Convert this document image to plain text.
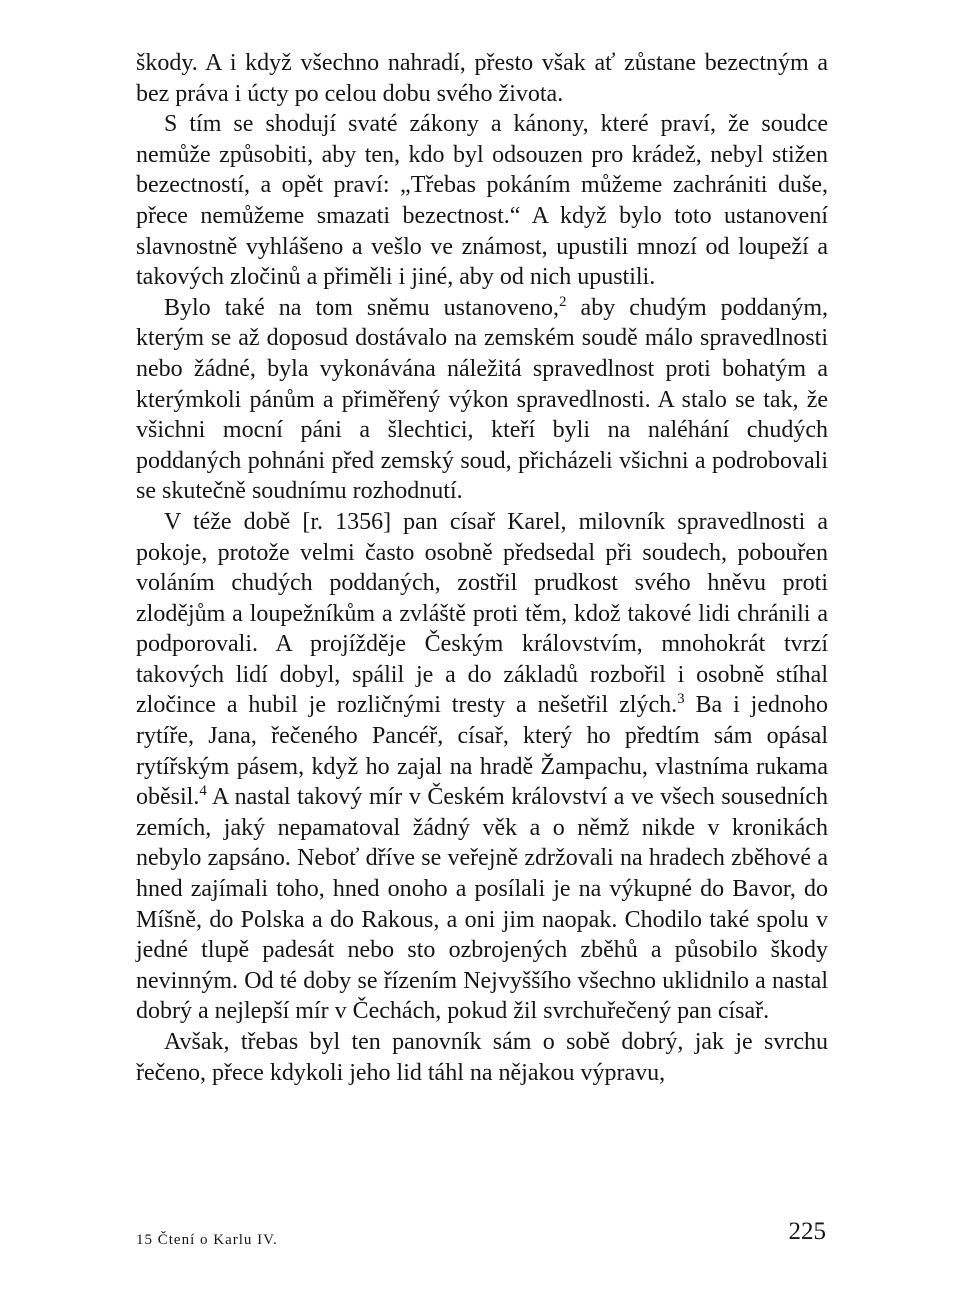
škody. A i když všechno nahradí, přesto však ať zůstane bezectným a bez práva i úcty po celou dobu svého života.

S tím se shodují svaté zákony a kánony, které praví, že soudce nemůže způsobiti, aby ten, kdo byl odsouzen pro krádež, nebyl stižen bezectností, a opět praví: „Třebas pokáním můžeme zachrániti duše, přece nemůžeme smazati bezectnost.“ A když bylo toto ustanovení slavnostně vyhlášeno a vešlo ve známost, upustili mnozí od loupeží a takových zločinů a přiměli i jiné, aby od nich upustili.

Bylo také na tom sněmu ustanoveno,$^2$ aby chudým poddaným, kterým se až doposud dostávalo na zemském soudě málo spravedlnosti nebo žádné, byla vykonávána náležitá spravedlnost proti bohatým a kterýmkoli pánům a přiměřený výkon spravedlnosti. A stalo se tak, že všichni mocní páni a šlechtici, kteří byli na naléhání chudých poddaných pohnáni před zemský soud, přicházeli všichni a podrobovali se skutečně soudnímu rozhodnutí.

V téže době [r. 1356] pan císař Karel, milovník spravedlnosti a pokoje, protože velmi často osobně předsedal při soudech, pobouřen voláním chudých poddaných, zostřil prudkost svého hněvu proti zlodějům a loupežníkům a zvláště proti těm, kdož takové lidi chránili a podporovali. A projížděje Českým královstvím, mnohokrát tvrzí takových lidí dobyl, spálil je a do základů rozbořil i osobně stíhal zločince a hubil je rozličnými tresty a nešetřil zlých.$^3$ Ba i jednoho rytíře, Jana, řečeného Pancéř, císař, který ho předtím sám opásal rytířským pásem, když ho zajal na hradě Žampachu, vlastníma rukama oběsil.$^4$ A nastal takový mír v Českém království a ve všech sousedních zemích, jaký nepamatoval žádný věk a o němž nikde v kronikách nebylo zapsáno. Neboť dříve se veřejně zdržovali na hradech zběhové a hned zajímali toho, hned onoho a posílali je na výkupné do Bavor, do Míšně, do Polska a do Rakous, a oni jim naopak. Chodilo také spolu v jedné tlupě padesát nebo sto ozbrojených zběhů a působilo škody nevinným. Od té doby se řízením Nejvyššího všechno uklidnilo a nastal dobrý a nejlepší mír v Čechách, pokud žil svrchuřečený pan císař.

Avšak, třebas byl ten panovník sám o sobě dobrý, jak je svrchu řečeno, přece kdykoli jeho lid táhl na nějakou výpravu,

15 Čtení o Karlu IV.	225
